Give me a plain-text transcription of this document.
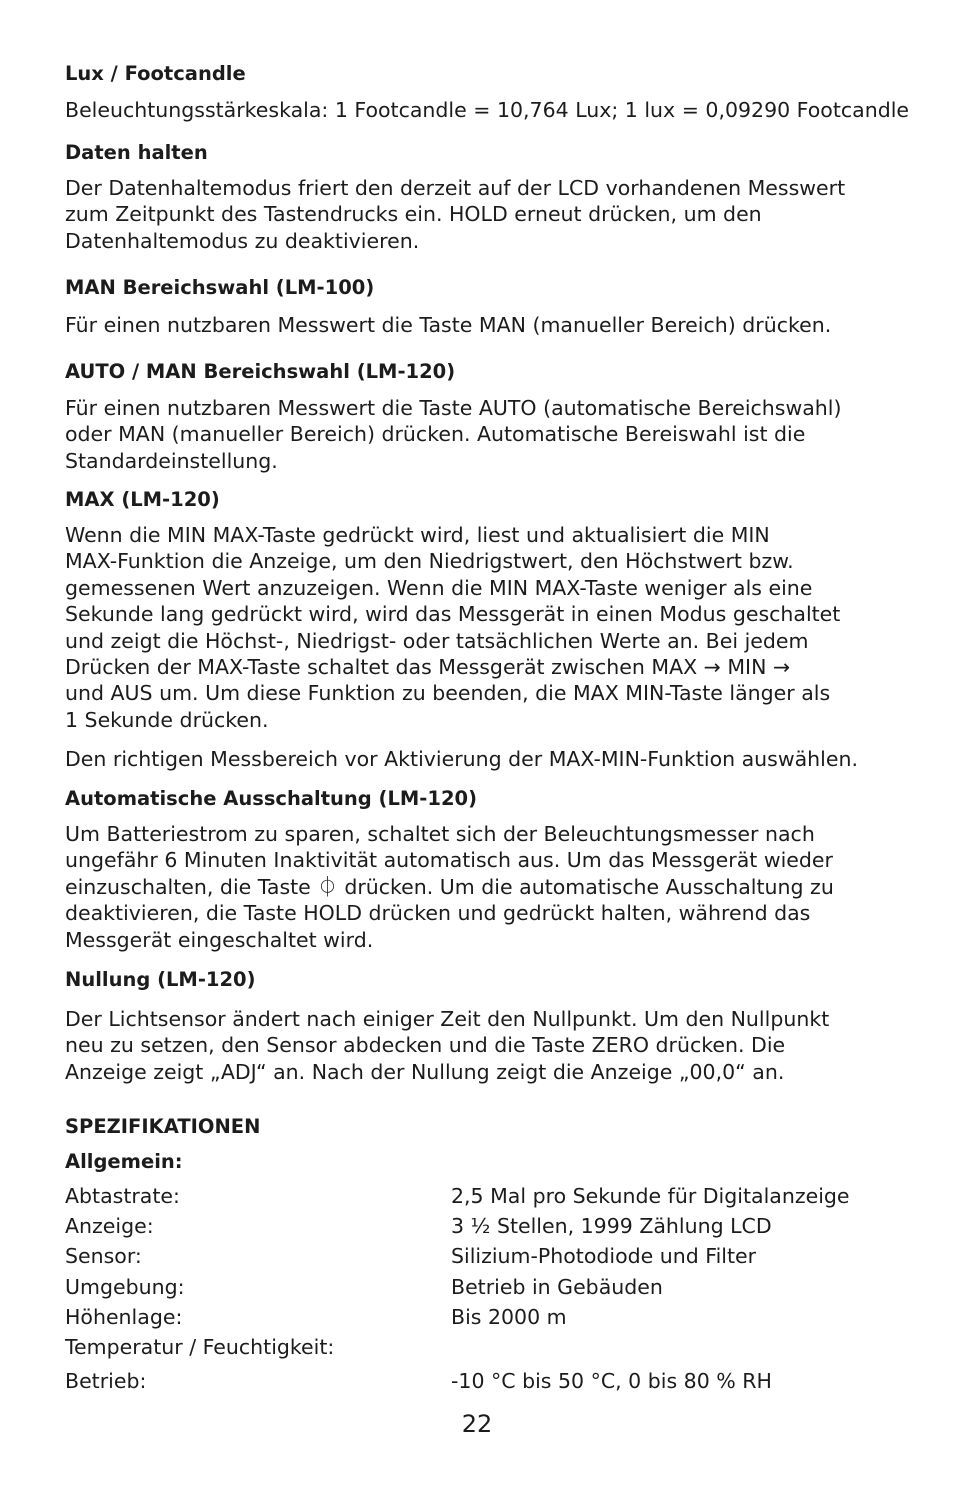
Lux / Footcandle

Beleuchtungsstärkeskala: 1 Footcandle = 10,764 Lux; 1 lux = 0,09290 Footcandle

Daten halten

Der Datenhaltemodus friert den derzeit auf der LCD vorhandenen Messwert
zum Zeitpunkt des Tastendrucks ein. HOLD erneut drücken, um den
Datenhaltemodus zu deaktivieren.

MAN Bereichswahl (LM-100)

Für einen nutzbaren Messwert die Taste MAN (manueller Bereich) drücken.

AUTO / MAN Bereichswahl (LM-120)

Für einen nutzbaren Messwert die Taste AUTO (automatische Bereichswahl)
oder MAN (manueller Bereich) drücken. Automatische Bereiswahl ist die
Standardeinstellung.

MAX (LM-120)

Wenn die MIN MAX-Taste gedrückt wird, liest und aktualisiert die MIN
MAX-Funktion die Anzeige, um den Niedrigstwert, den Höchstwert bzw.
gemessenen Wert anzuzeigen. Wenn die MIN MAX-Taste weniger als eine
Sekunde lang gedrückt wird, wird das Messgerät in einen Modus geschaltet
und zeigt die Höchst-, Niedrigst- oder tatsächlichen Werte an. Bei jedem
Drücken der MAX-Taste schaltet das Messgerät zwischen MAX → MIN →
und AUS um. Um diese Funktion zu beenden, die MAX MIN-Taste länger als
1 Sekunde drücken.

Den richtigen Messbereich vor Aktivierung der MAX-MIN-Funktion auswählen.

Automatische Ausschaltung (LM-120)

Um Batteriestrom zu sparen, schaltet sich der Beleuchtungsmesser nach
ungefähr 6 Minuten Inaktivität automatisch aus. Um das Messgerät wieder
einzuschalten, die Taste ⏀ drücken. Um die automatische Ausschaltung zu
deaktivieren, die Taste HOLD drücken und gedrückt halten, während das
Messgerät eingeschaltet wird.

Nullung (LM-120)

Der Lichtsensor ändert nach einiger Zeit den Nullpunkt. Um den Nullpunkt
neu zu setzen, den Sensor abdecken und die Taste ZERO drücken. Die
Anzeige zeigt „ADJ“ an. Nach der Nullung zeigt die Anzeige „00,0“ an.

SPEZIFIKATIONEN
Allgemein:
Abtastrate:	2,5 Mal pro Sekunde für Digitalanzeige
Anzeige:	3 ½ Stellen, 1999 Zählung LCD
Sensor:	Silizium-Photodiode und Filter
Umgebung:	Betrieb in Gebäuden
Höhenlage:	Bis 2000 m
Temperatur / Feuchtigkeit:
Betrieb:	-10 °C bis 50 °C, 0 bis 80 % RH
22
